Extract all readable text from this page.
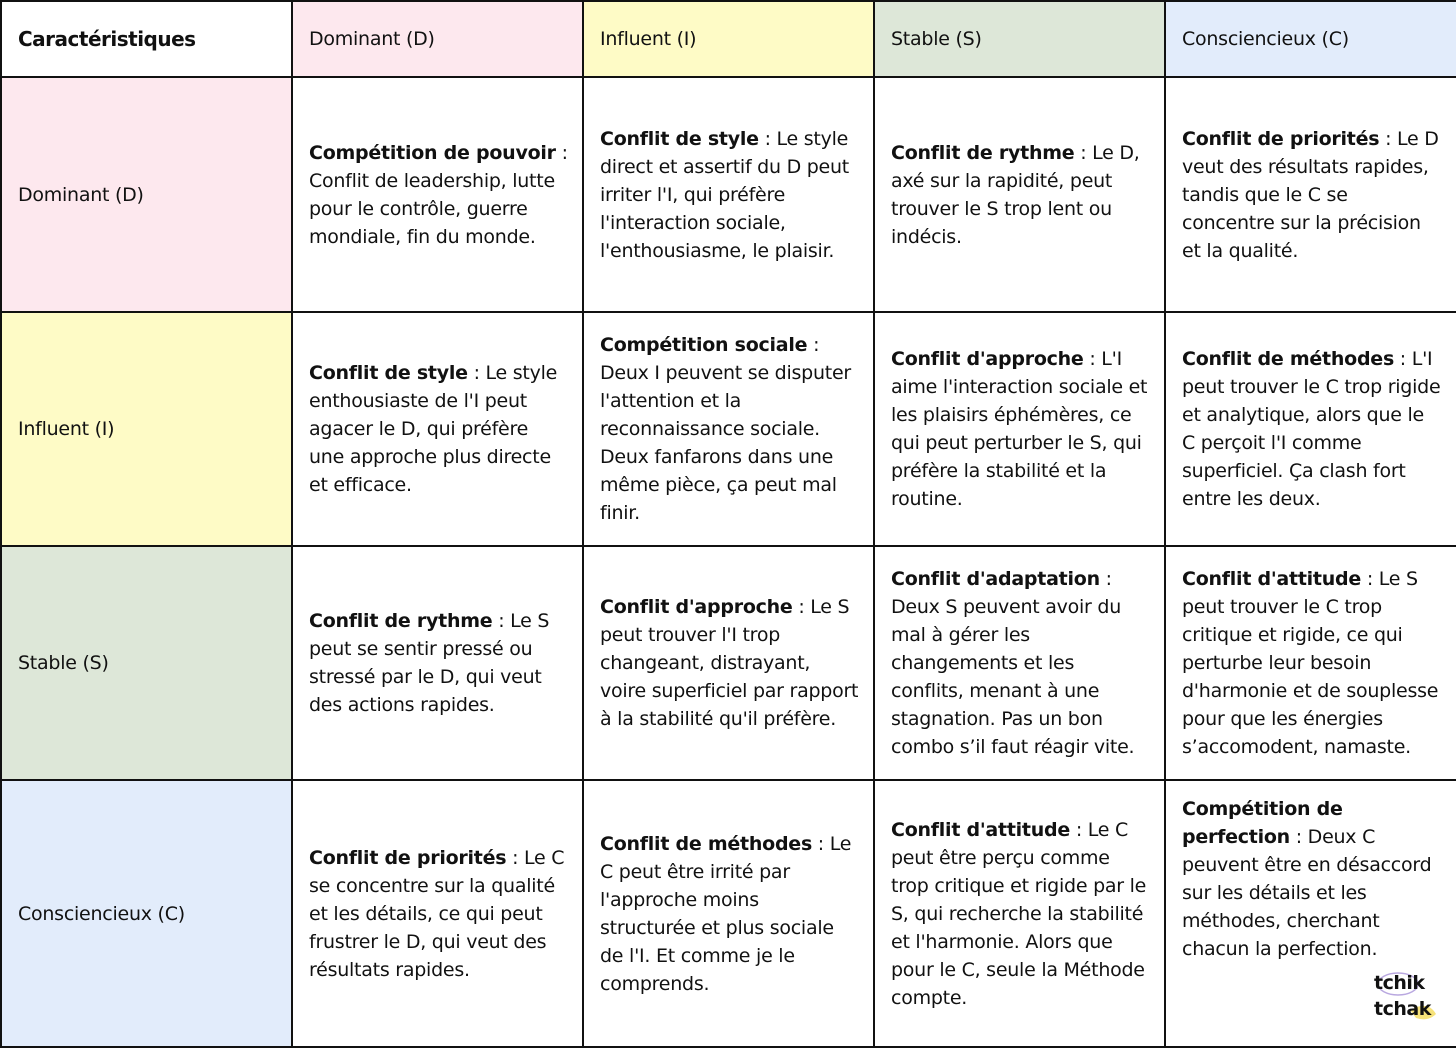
Caractéristiques	Dominant (D)	Influent (I)	Stable (S)	Consciencieux (C)
Dominant (D)	Compétition de pouvoir : Conflit de leadership, lutte pour le contrôle, guerre mondiale, fin du monde.	Conflit de style : Le style direct et assertif du D peut irriter l'I, qui préfère l'interaction sociale, l'enthousiasme, le plaisir.	Conflit de rythme : Le D, axé sur la rapidité, peut trouver le S trop lent ou indécis.	Conflit de priorités : Le D veut des résultats rapides, tandis que le C se concentre sur la précision et la qualité.
Influent (I)	Conflit de style : Le style enthousiaste de l'I peut agacer le D, qui préfère une approche plus directe et efficace.	Compétition sociale : Deux I peuvent se disputer l'attention et la reconnaissance sociale. Deux fanfarons dans une même pièce, ça peut mal finir.	Conflit d'approche : L'I aime l'interaction sociale et les plaisirs éphémères, ce qui peut perturber le S, qui préfère la stabilité et la routine.	Conflit de méthodes : L'I peut trouver le C trop rigide et analytique, alors que le C perçoit l'I comme superficiel. Ça clash fort entre les deux.
Stable (S)	Conflit de rythme : Le S peut se sentir pressé ou stressé par le D, qui veut des actions rapides.	Conflit d'approche : Le S peut trouver l'I trop changeant, distrayant, voire superficiel par rapport à la stabilité qu'il préfère.	Conflit d'adaptation : Deux S peuvent avoir du mal à gérer les changements et les conflits, menant à une stagnation. Pas un bon combo s’il faut réagir vite.	Conflit d'attitude : Le S peut trouver le C trop critique et rigide, ce qui perturbe leur besoin d'harmonie et de souplesse pour que les énergies s’accomodent, namaste.
Consciencieux (C)	Conflit de priorités : Le C se concentre sur la qualité et les détails, ce qui peut frustrer le D, qui veut des résultats rapides.	Conflit de méthodes : Le C peut être irrité par l'approche moins structurée et plus sociale de l'I. Et comme je le comprends.	Conflit d'attitude : Le C peut être perçu comme trop critique et rigide par le S, qui recherche la stabilité et l'harmonie. Alors que pour le C, seule la Méthode compte.	Compétition de perfection : Deux C peuvent être en désaccord sur les détails et les méthodes, cherchant chacun la perfection.
tchik
tchak
